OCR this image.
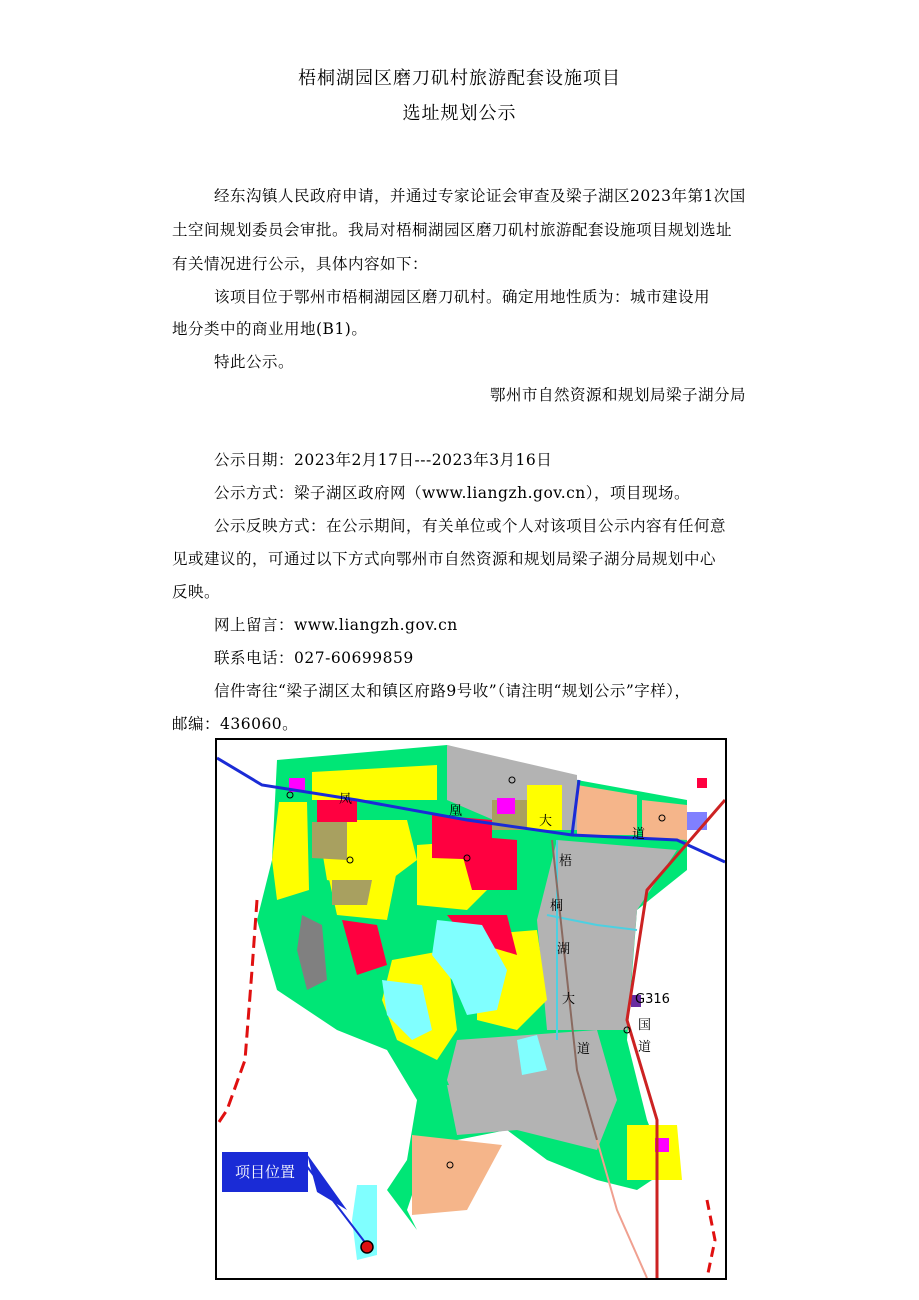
梧桐湖园区磨刀矶村旅游配套设施项目
选址规划公示
经东沟镇人民政府申请，并通过专家论证会审查及梁子湖区2023年第1次国
土空间规划委员会审批。我局对梧桐湖园区磨刀矶村旅游配套设施项目规划选址
有关情况进行公示，具体内容如下：
该项目位于鄂州市梧桐湖园区磨刀矶村。确定用地性质为：城市建设用
地分类中的商业用地(B1)。
特此公示。
鄂州市自然资源和规划局梁子湖分局
公示日期：2023年2月17日---2023年3月16日
公示方式：梁子湖区政府网（www.liangzh.gov.cn），项目现场。
公示反映方式：在公示期间，有关单位或个人对该项目公示内容有任何意
见或建议的，可通过以下方式向鄂州市自然资源和规划局梁子湖分局规划中心
反映。
网上留言：www.liangzh.gov.cn
联系电话：027-60699859
信件寄往“梁子湖区太和镇区府路9号收”（请注明“规划公示”字样），
邮编：436060。
凤
凰
大
道
梧
桐
湖
大
道
G316
国
道
项目位置
